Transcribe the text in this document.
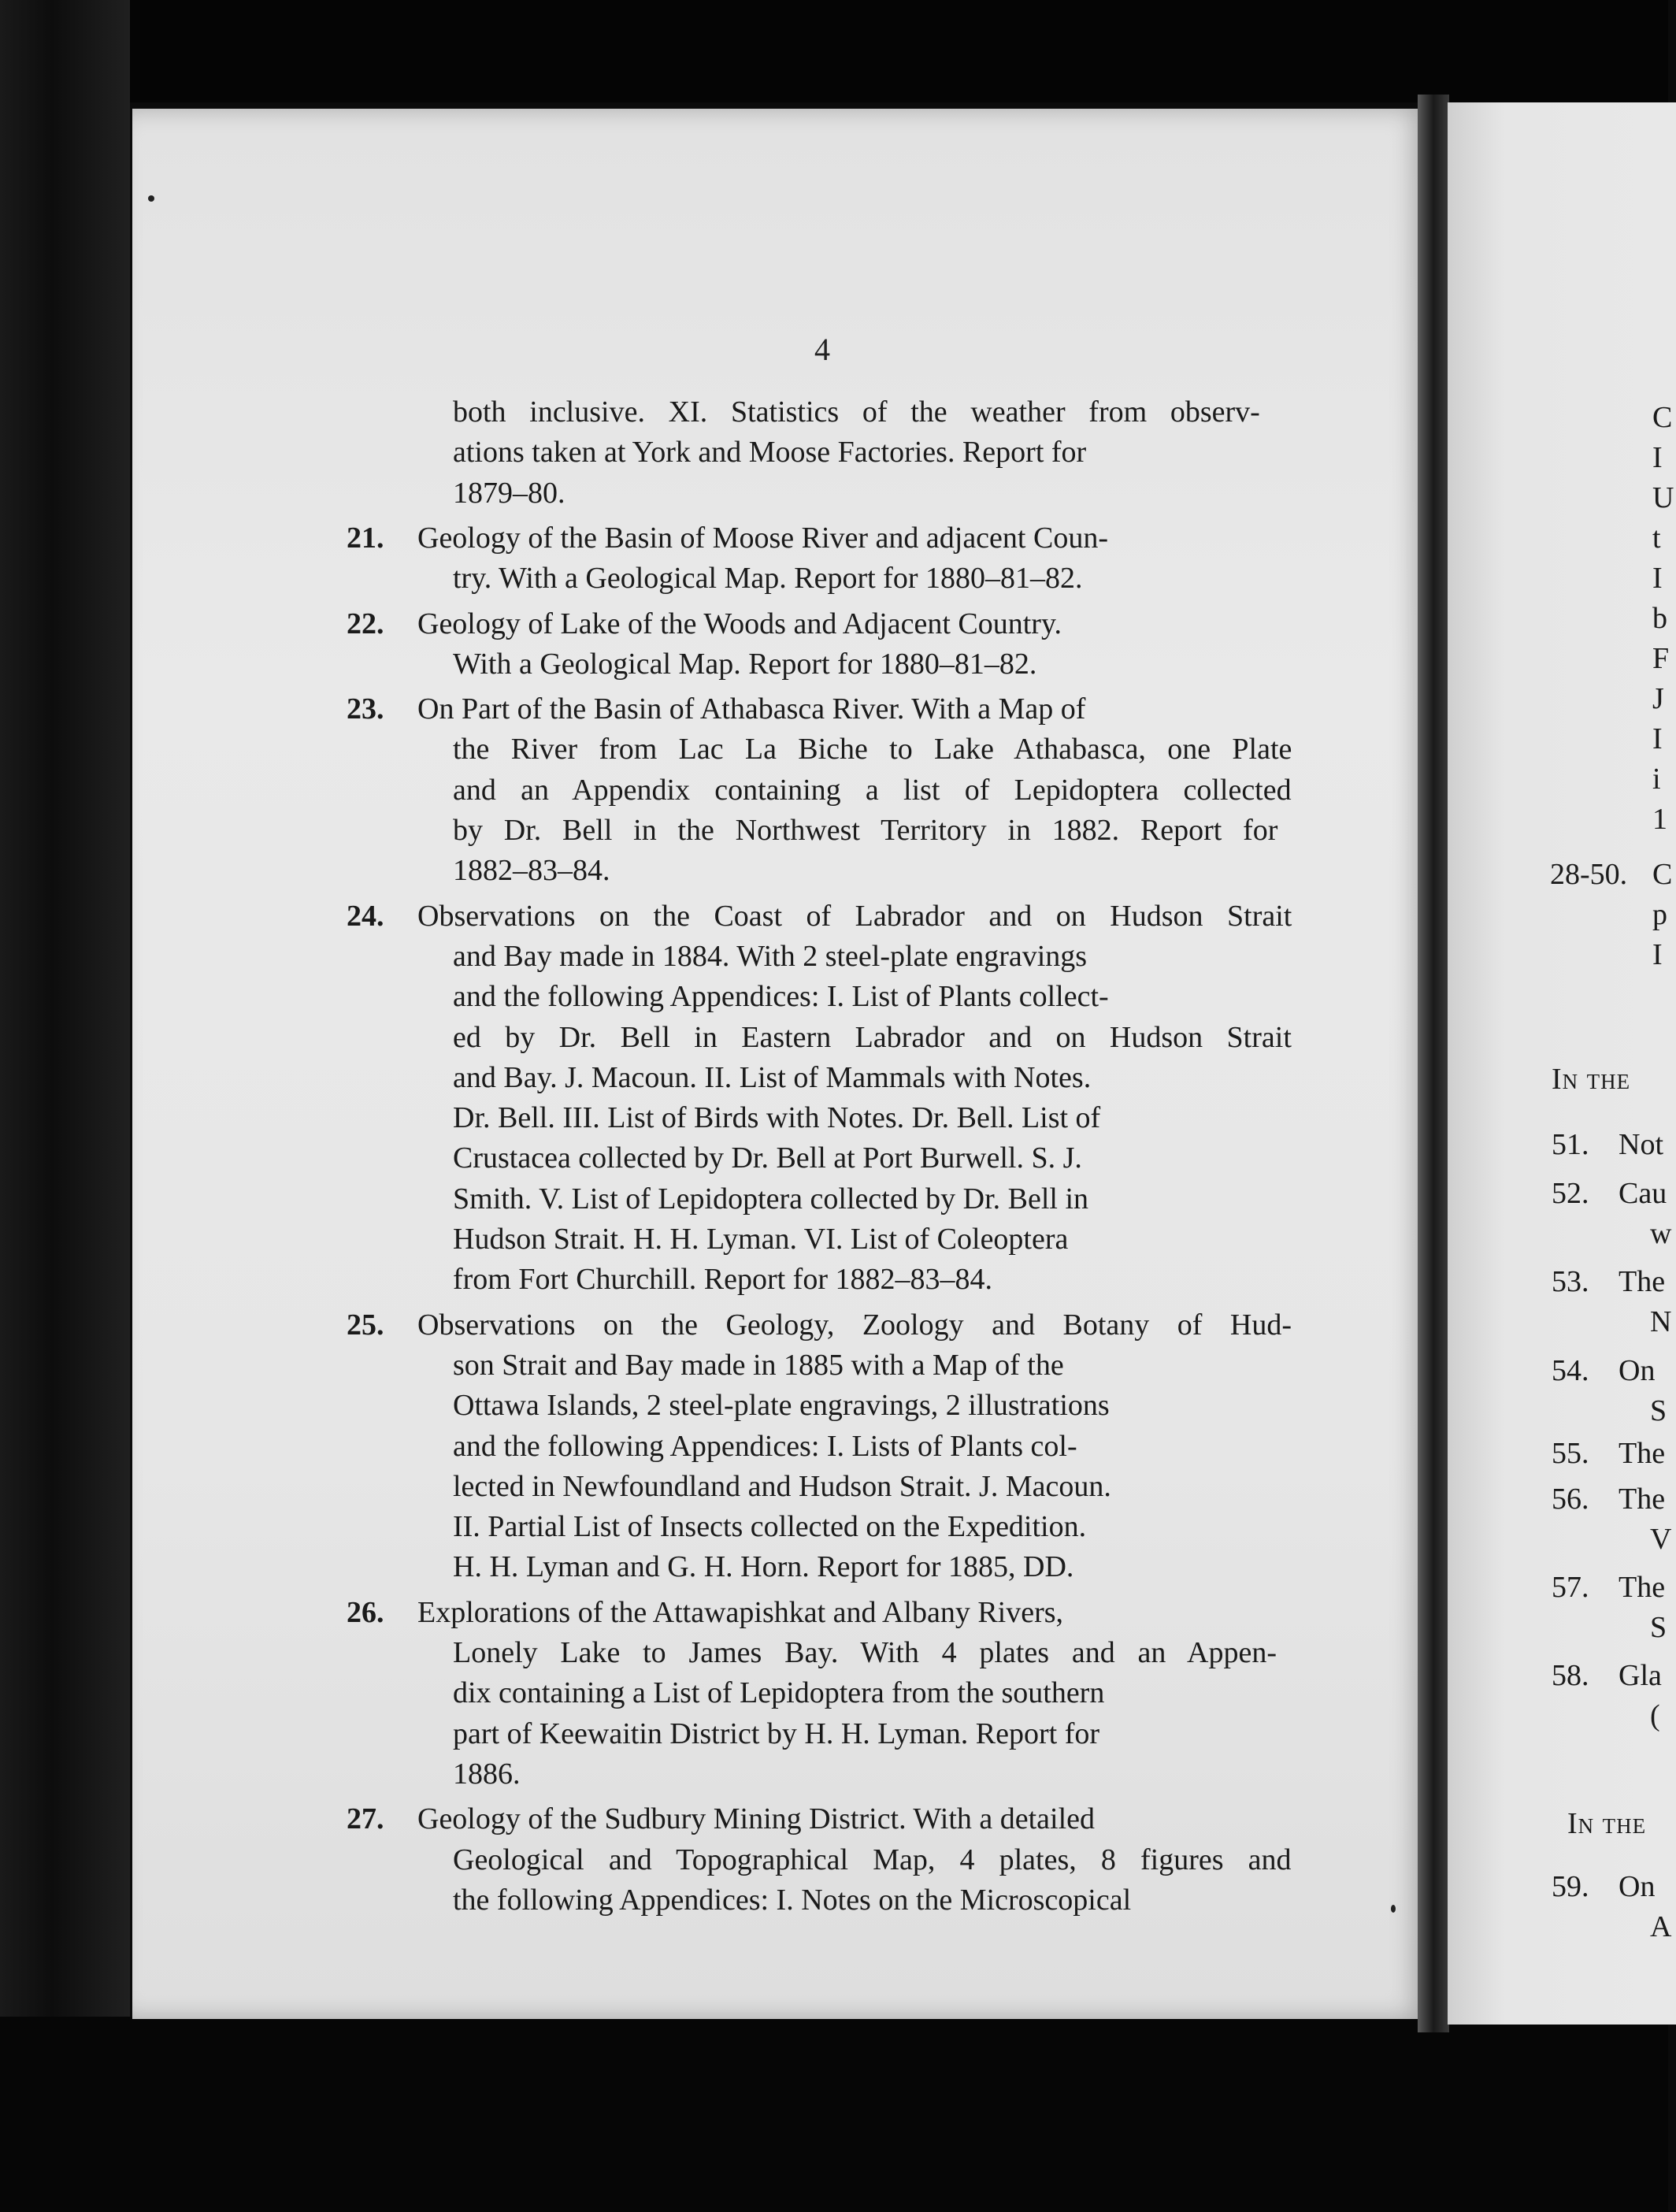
4
both inclusive. XI. Statistics of the weather from observ-
ations taken at York and Moose Factories. Report for
1879–80.
21. Geology of the Basin of Moose River and adjacent Coun-
try. With a Geological Map. Report for 1880–81–82.
22. Geology of Lake of the Woods and Adjacent Country.
With a Geological Map. Report for 1880–81–82.
23. On Part of the Basin of Athabasca River. With a Map of
the River from Lac La Biche to Lake Athabasca, one Plate
and an Appendix containing a list of Lepidoptera collected
by Dr. Bell in the Northwest Territory in 1882. Report for
1882–83–84.
24. Observations on the Coast of Labrador and on Hudson Strait
and Bay made in 1884. With 2 steel-plate engravings
and the following Appendices: I. List of Plants collect-
ed by Dr. Bell in Eastern Labrador and on Hudson Strait
and Bay. J. Macoun. II. List of Mammals with Notes.
Dr. Bell. III. List of Birds with Notes. Dr. Bell. List of
Crustacea collected by Dr. Bell at Port Burwell. S. J.
Smith. V. List of Lepidoptera collected by Dr. Bell in
Hudson Strait. H. H. Lyman. VI. List of Coleoptera
from Fort Churchill. Report for 1882–83–84.
25. Observations on the Geology, Zoology and Botany of Hud-
son Strait and Bay made in 1885 with a Map of the
Ottawa Islands, 2 steel-plate engravings, 2 illustrations
and the following Appendices: I. Lists of Plants col-
lected in Newfoundland and Hudson Strait. J. Macoun.
II. Partial List of Insects collected on the Expedition.
H. H. Lyman and G. H. Horn. Report for 1885, DD.
26. Explorations of the Attawapishkat and Albany Rivers,
Lonely Lake to James Bay. With 4 plates and an Appen-
dix containing a List of Lepidoptera from the southern
part of Keewaitin District by H. H. Lyman. Report for
1886.
27. Geology of the Sudbury Mining District. With a detailed
Geological and Topographical Map, 4 plates, 8 figures and
the following Appendices: I. Notes on the Microscopical
C
I
U
t
I
b
F
J
I
i
1
28-50. C
p
I
In the
51. Not
52. Cau
w
53. The
N
54. On
S
55. The
56. The
V
57. The
S
58. Gla
(
In the
59. On
A
